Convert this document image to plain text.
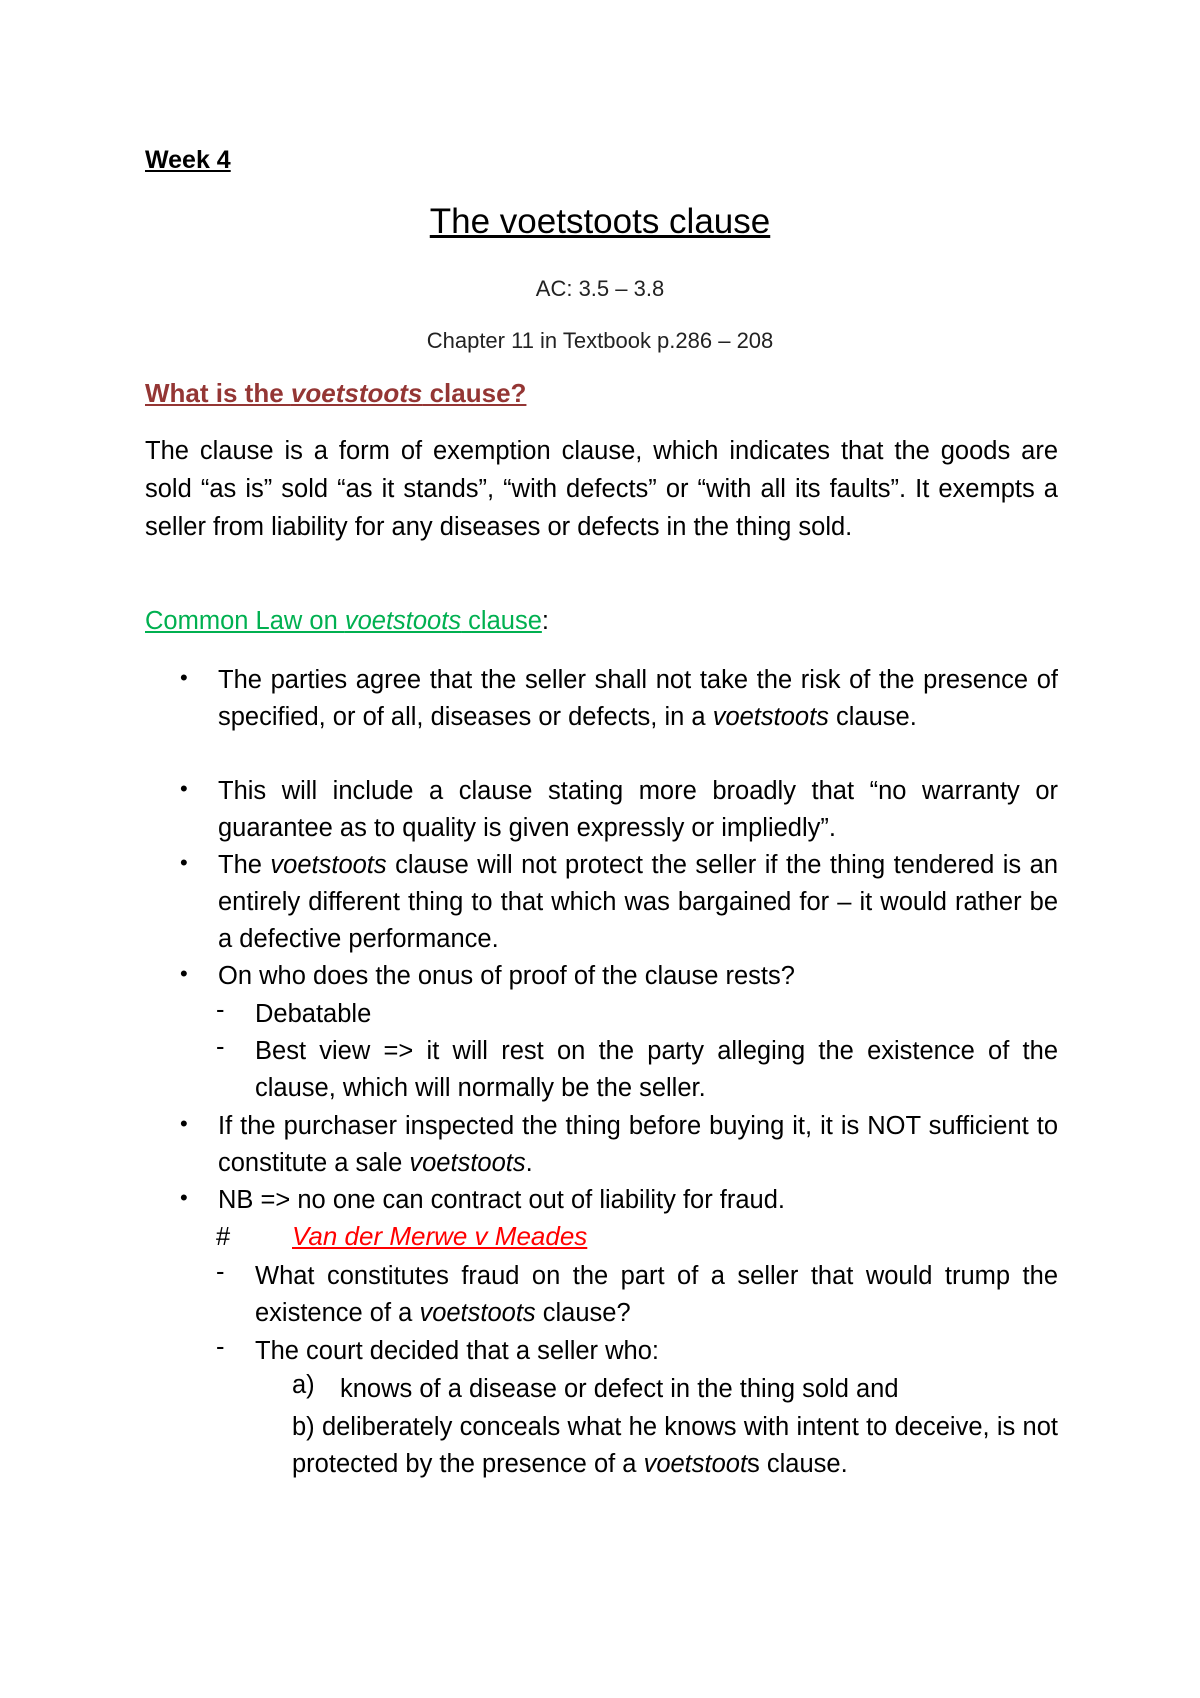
Week 4
The voetstoots clause
AC: 3.5 – 3.8
Chapter 11 in Textbook p.286 – 208
What is the voetstoots clause?
The clause is a form of exemption clause, which indicates that the goods are sold “as is” sold “as it stands”, “with defects” or “with all its faults”. It exempts a seller from liability for any diseases or defects in the thing sold.
Common Law on voetstoots clause:
• The parties agree that the seller shall not take the risk of the presence of specified, or of all, diseases or defects, in a voetstoots clause.
• This will include a clause stating more broadly that “no warranty or guarantee as to quality is given expressly or impliedly”.
• The voetstoots clause will not protect the seller if the thing tendered is an entirely different thing to that which was bargained for – it would rather be a defective performance.
• On who does the onus of proof of the clause rests?
- Debatable
- Best view => it will rest on the party alleging the existence of the clause, which will normally be the seller.
• If the purchaser inspected the thing before buying it, it is NOT sufficient to constitute a sale voetstoots.
• NB => no one can contract out of liability for fraud.
# Van der Merwe v Meades
- What constitutes fraud on the part of a seller that would trump the existence of a voetstoots clause?
- The court decided that a seller who:
a) knows of a disease or defect in the thing sold and
b) deliberately conceals what he knows with intent to deceive, is not protected by the presence of a voetstoots clause.
